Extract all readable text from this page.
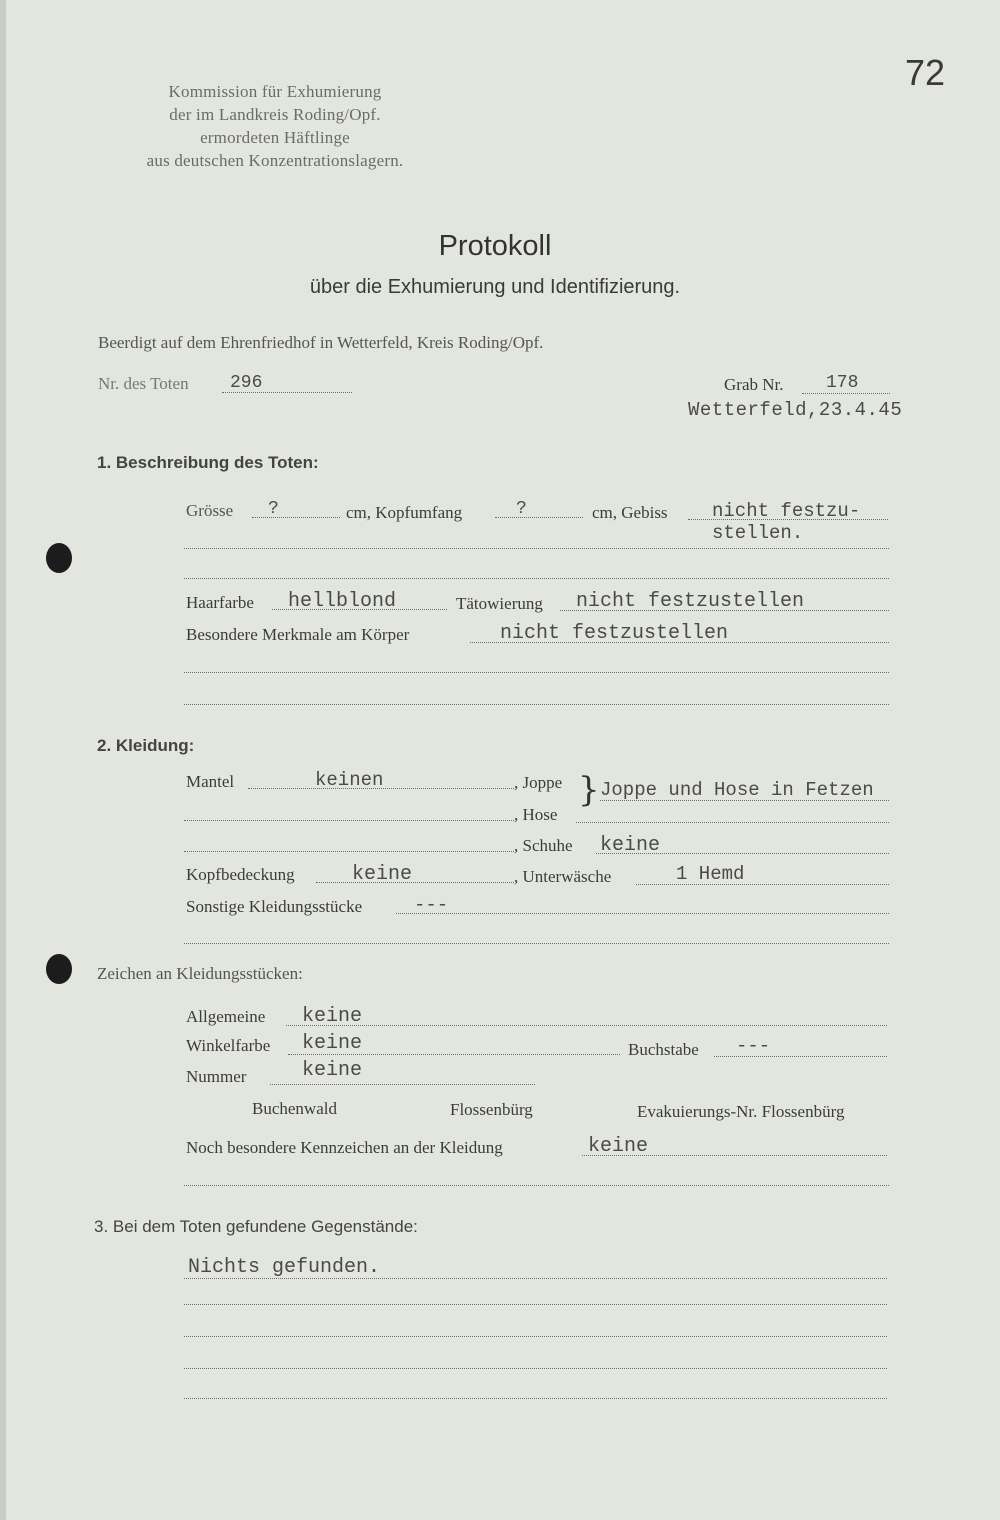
72
Kommission für Exhumierung
der im Landkreis Roding/Opf.
ermordeten Häftlinge
aus deutschen Konzentrationslagern.
Protokoll
über die Exhumierung und Identifizierung.
Beerdigt auf dem Ehrenfriedhof in Wetterfeld, Kreis Roding/Opf.
Nr. des Toten 296	Grab Nr. 178
Wetterfeld,23.4.45
1. Beschreibung des Toten:
Grösse ?	cm, Kopfumfang	?	cm, Gebiss nicht festzu-
stellen.
Haarfarbe hellblond	Tätowierung nicht festzustellen
Besondere Merkmale am Körper	nicht festzustellen
2. Kleidung:
Mantel	keinen	, Joppe
, Hose
} Joppe und Hose in Fetzen
, Schuhe keine
Kopfbedeckung	keine	, Unterwäsche	1 Hemd
Sonstige Kleidungsstücke	---
Zeichen an Kleidungsstücken:
Allgemeine keine
Winkelfarbe keine	Buchstabe ---
Nummer	keine
Buchenwald	Flossenbürg	Evakuierungs-Nr. Flossenbürg
Noch besondere Kennzeichen an der Kleidung	keine
3. Bei dem Toten gefundene Gegenstände:
Nichts gefunden.
